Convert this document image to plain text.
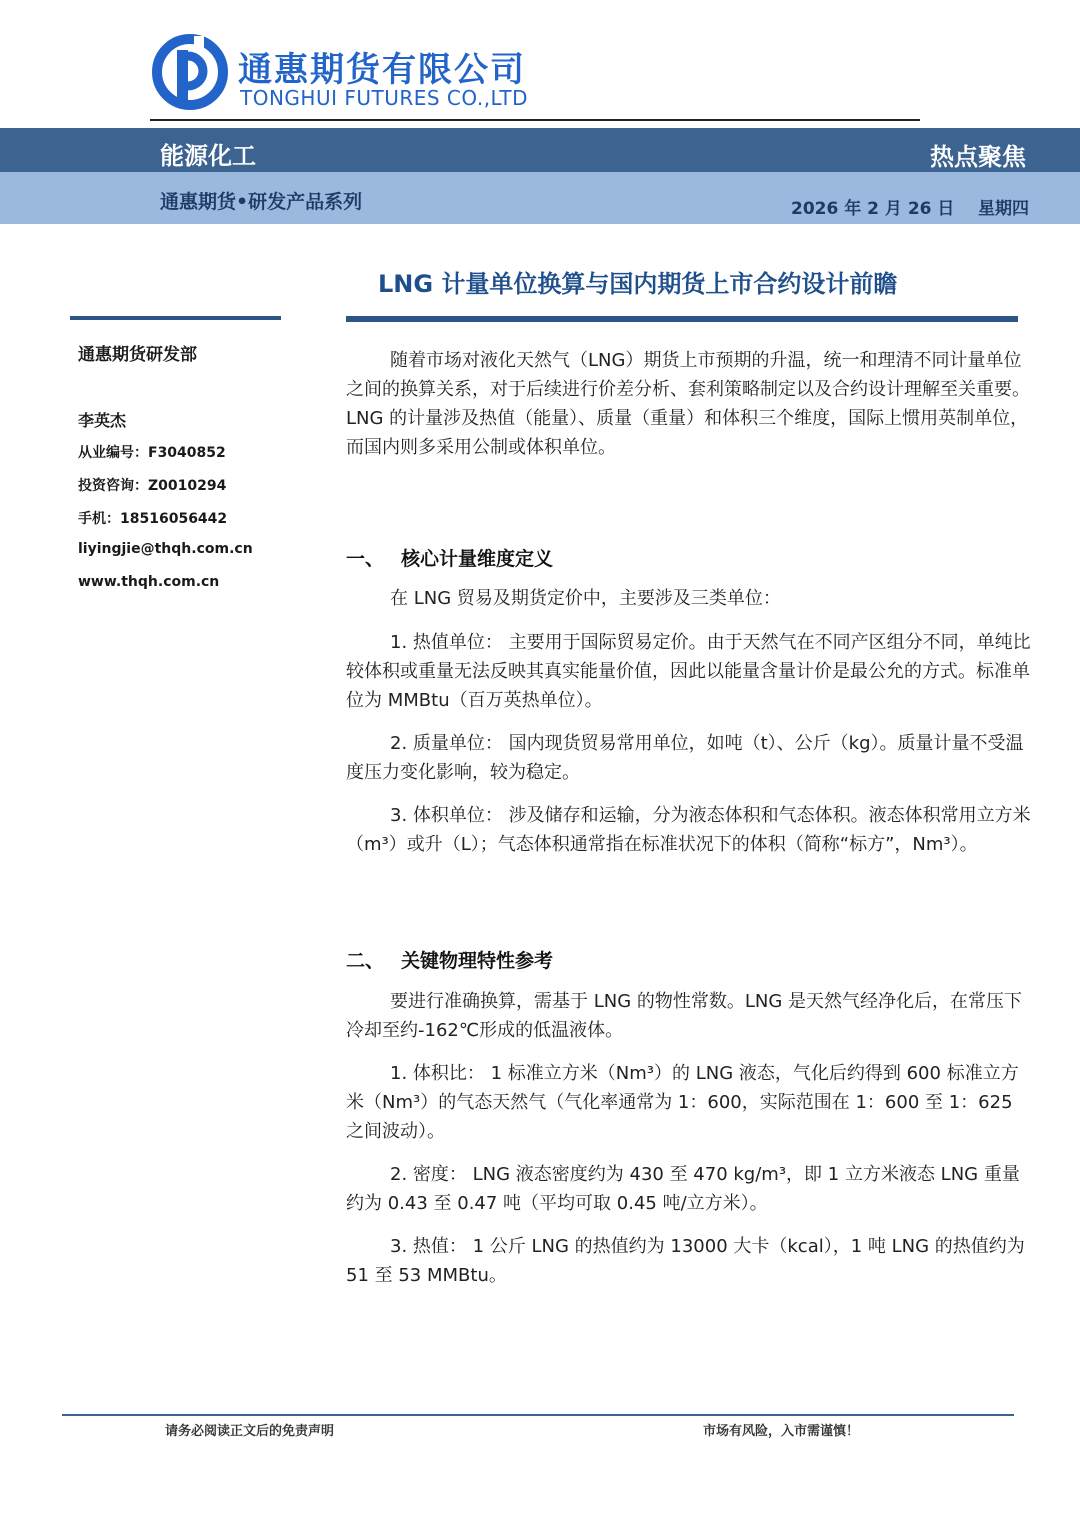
通惠期货有限公司
TONGHUI FUTURES CO.,LTD
能源化工	热点聚焦
通惠期货•研发产品系列	2026 年 2 月 26 日 星期四
LNG 计量单位换算与国内期货上市合约设计前瞻
通惠期货研发部
李英杰
从业编号：F3040852
投资咨询：Z0010294
手机：18516056442
liyingjie@thqh.com.cn
www.thqh.com.cn

随着市场对液化天然气（LNG）期货上市预期的升温，统一和理清不同计量单位之间的换算关系，对于后续进行价差分析、套利策略制定以及合约设计理解至关重要。LNG 的计量涉及热值（能量）、质量（重量）和体积三个维度，国际上惯用英制单位，而国内则多采用公制或体积单位。

一、 核心计量维度定义

在 LNG 贸易及期货定价中，主要涉及三类单位：

1. 热值单位： 主要用于国际贸易定价。由于天然气在不同产区组分不同，单纯比较体积或重量无法反映其真实能量价值，因此以能量含量计价是最公允的方式。标准单位为 MMBtu（百万英热单位）。

2. 质量单位： 国内现货贸易常用单位，如吨（t）、公斤（kg）。质量计量不受温度压力变化影响，较为稳定。

3. 体积单位： 涉及储存和运输，分为液态体积和气态体积。液态体积常用立方米（m³）或升（L）；气态体积通常指在标准状况下的体积（简称“标方”，Nm³）。

二、 关键物理特性参考

要进行准确换算，需基于 LNG 的物性常数。LNG 是天然气经净化后，在常压下冷却至约-162℃形成的低温液体。

1. 体积比： 1 标准立方米（Nm³）的 LNG 液态，气化后约得到 600 标准立方米（Nm³）的气态天然气（气化率通常为 1：600，实际范围在 1：600 至 1：625 之间波动）。

2. 密度： LNG 液态密度约为 430 至 470 kg/m³，即 1 立方米液态 LNG 重量约为 0.43 至 0.47 吨（平均可取 0.45 吨/立方米）。

3. 热值： 1 公斤 LNG 的热值约为 13000 大卡（kcal），1 吨 LNG 的热值约为 51 至 53 MMBtu。

请务必阅读正文后的免责声明	市场有风险，入市需谨慎！
